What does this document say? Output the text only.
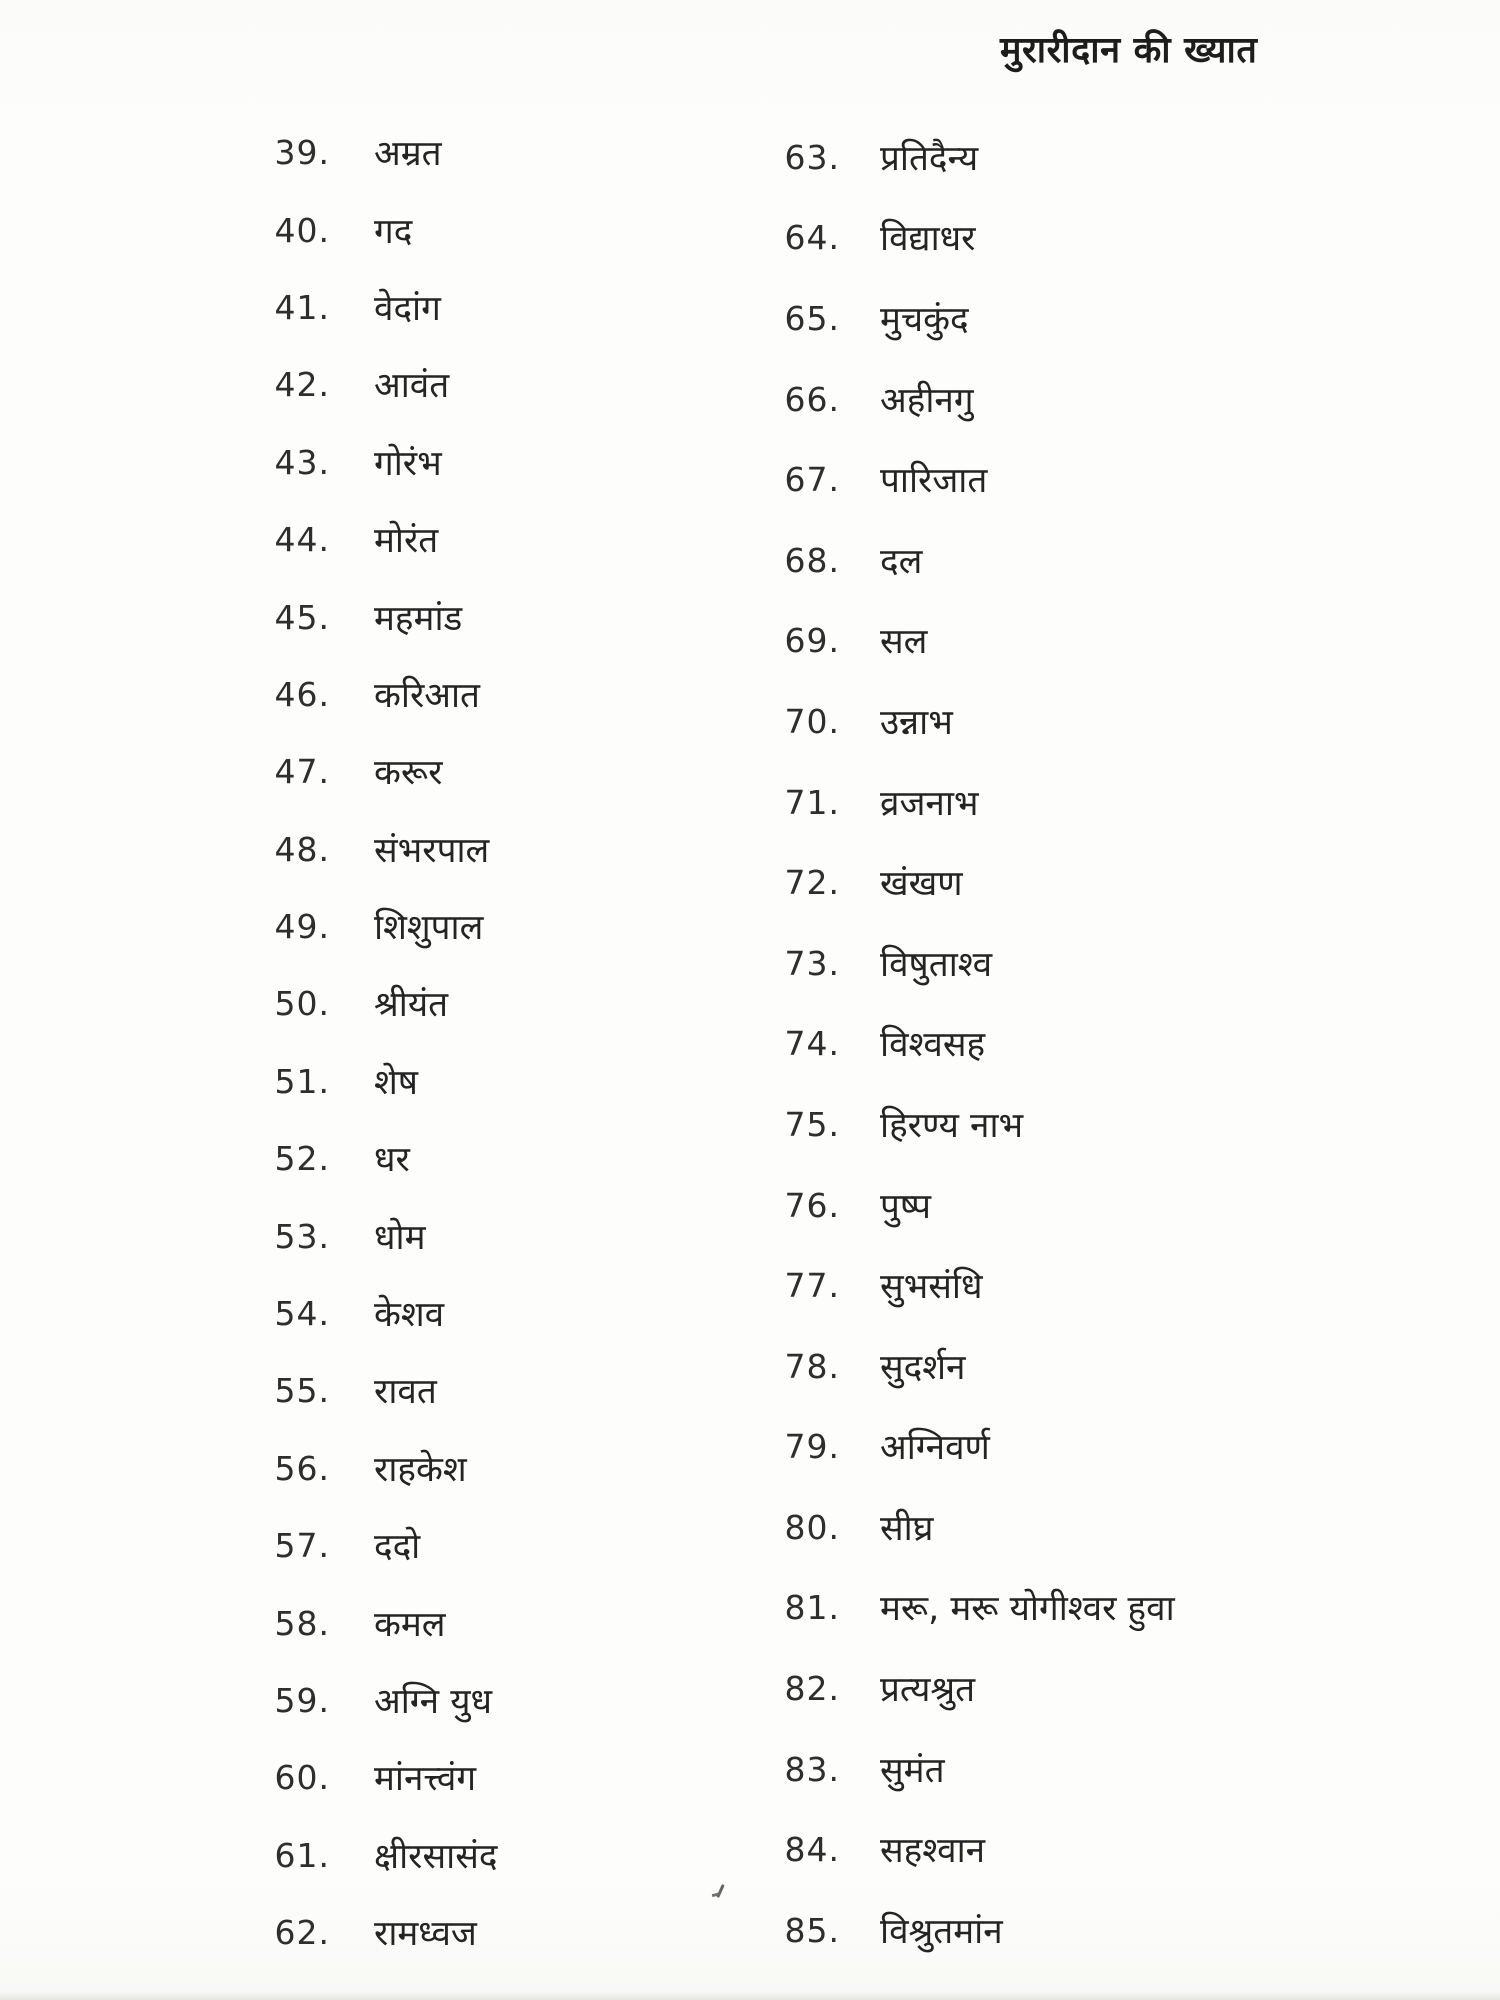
मुरारीदान की ख्यात
39. अम्रत
40. गद
41. वेदांग
42. आवंत
43. गोरंभ
44. मोरंत
45. महमांड
46. करिआत
47. करूर
48. संभरपाल
49. शिशुपाल
50. श्रीयंत
51. शेष
52. धर
53. धोम
54. केशव
55. रावत
56. राहकेश
57. ददो
58. कमल
59. अग्नि युध
60. मांनत्त्वंग
61. क्षीरसासंद
62. रामध्वज
63. प्रतिदैन्य
64. विद्याधर
65. मुचकुंद
66. अहीनगु
67. पारिजात
68. दल
69. सल
70. उन्नाभ
71. व्रजनाभ
72. खंखण
73. विषुताश्व
74. विश्वसह
75. हिरण्य नाभ
76. पुष्प
77. सुभसंधि
78. सुदर्शन
79. अग्निवर्ण
80. सीघ्र
81. मरू, मरू योगीश्वर हुवा
82. प्रत्यश्रुत
83. सुमंत
84. सहश्वान
85. विश्रुतमांन
